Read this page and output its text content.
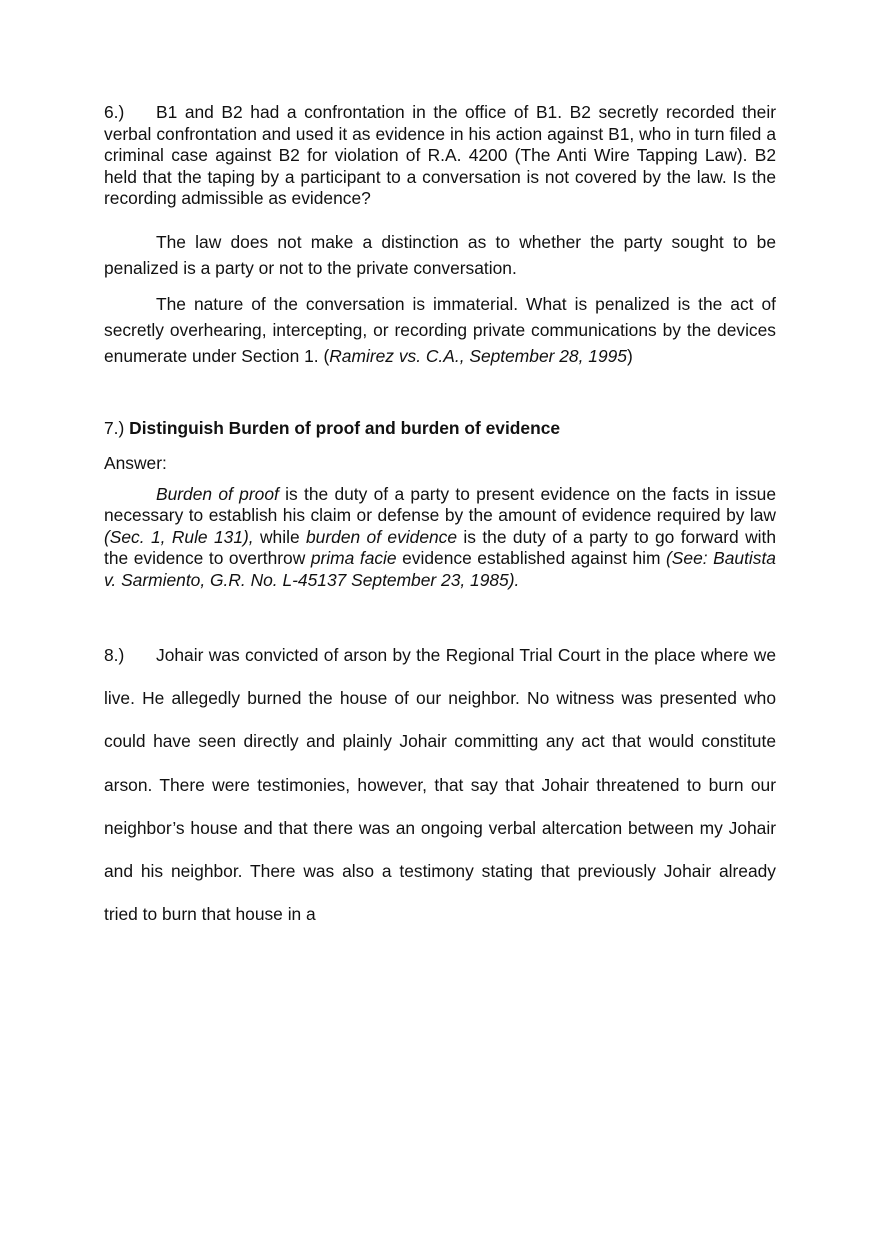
6.) B1 and B2 had a confrontation in the office of B1. B2 secretly recorded their verbal confrontation and used it as evidence in his action against B1, who in turn filed a criminal case against B2 for violation of R.A. 4200 (The Anti Wire Tapping Law). B2 held that the taping by a participant to a conversation is not covered by the law. Is the recording admissible as evidence?

The law does not make a distinction as to whether the party sought to be penalized is a party or not to the private conversation.

The nature of the conversation is immaterial. What is penalized is the act of secretly overhearing, intercepting, or recording private communications by the devices enumerate under Section 1. (Ramirez vs. C.A., September 28, 1995)

7.) Distinguish Burden of proof and burden of evidence

Answer:

Burden of proof is the duty of a party to present evidence on the facts in issue necessary to establish his claim or defense by the amount of evidence required by law (Sec. 1, Rule 131), while burden of evidence is the duty of a party to go forward with the evidence to overthrow prima facie evidence established against him (See: Bautista v. Sarmiento, G.R. No. L-45137 September 23, 1985).

8.) Johair was convicted of arson by the Regional Trial Court in the place where we live. He allegedly burned the house of our neighbor. No witness was presented who could have seen directly and plainly Johair committing any act that would constitute arson. There were testimonies, however, that say that Johair threatened to burn our neighbor’s house and that there was an ongoing verbal altercation between my Johair and his neighbor. There was also a testimony stating that previously Johair already tried to burn that house in a
